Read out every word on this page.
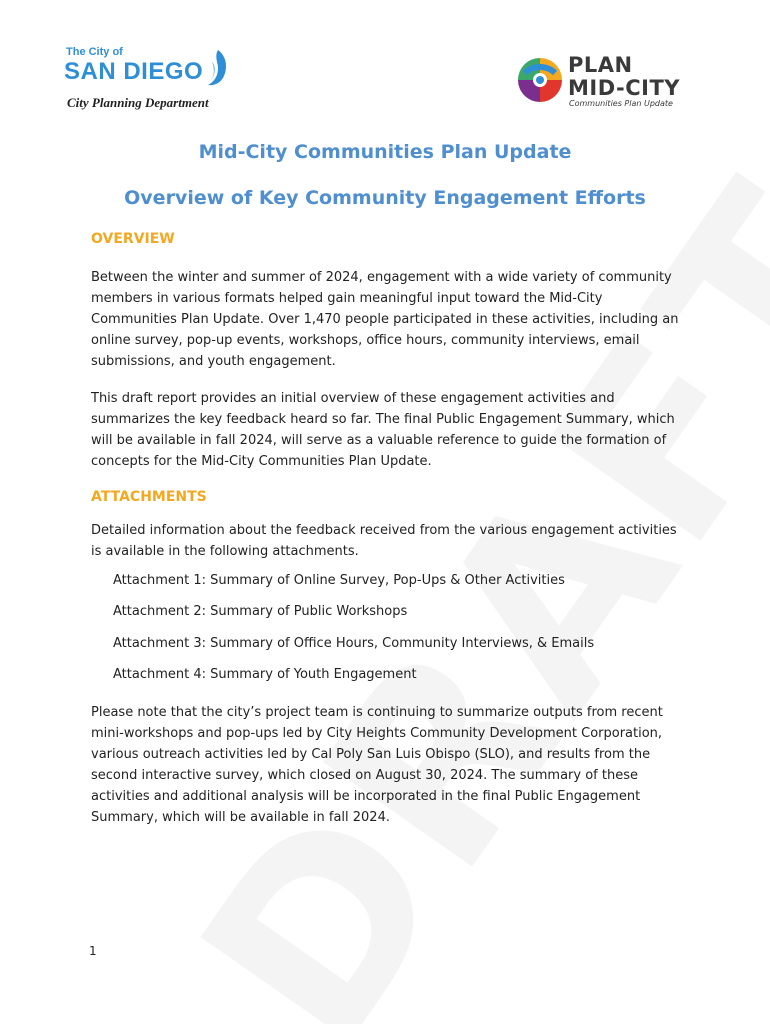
The City of
SAN DIEGO
City Planning Department
PLAN
MID-CITY
Communities Plan Update
Mid-City Communities Plan Update
Overview of Key Community Engagement Efforts
OVERVIEW

Between the winter and summer of 2024, engagement with a wide variety of community members in various formats helped gain meaningful input toward the Mid-City Communities Plan Update. Over 1,470 people participated in these activities, including an online survey, pop-up events, workshops, office hours, community interviews, email submissions, and youth engagement.

This draft report provides an initial overview of these engagement activities and summarizes the key feedback heard so far. The final Public Engagement Summary, which will be available in fall 2024, will serve as a valuable reference to guide the formation of concepts for the Mid-City Communities Plan Update.

ATTACHMENTS

Detailed information about the feedback received from the various engagement activities is available in the following attachments.

Attachment 1: Summary of Online Survey, Pop-Ups & Other Activities
Attachment 2: Summary of Public Workshops
Attachment 3: Summary of Office Hours, Community Interviews, & Emails
Attachment 4: Summary of Youth Engagement

Please note that the city’s project team is continuing to summarize outputs from recent mini-workshops and pop-ups led by City Heights Community Development Corporation, various outreach activities led by Cal Poly San Luis Obispo (SLO), and results from the second interactive survey, which closed on August 30, 2024. The summary of these activities and additional analysis will be incorporated in the final Public Engagement Summary, which will be available in fall 2024.

1
